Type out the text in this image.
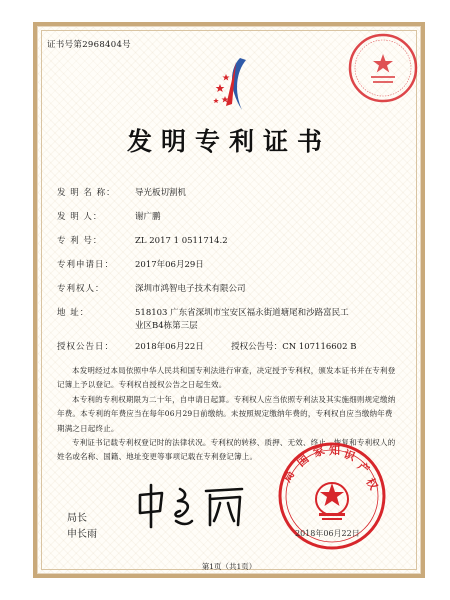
证书号第2968404号
发明专利证书
发 明 名 称： 导光板切割机
发 明 人：	谢广鹏
专 利 号：	ZL 2017 1 0511714.2
专利申请日： 2017年06月29日
专利权人：	深圳市鸿智电子技术有限公司
地 址：	518103 广东省深圳市宝安区福永街道塘尾和沙路富民工
业区B4栋第三层
授权公告日： 2018年06月22日	授权公告号：CN 107116602 B

本发明经过本局依照中华人民共和国专利法进行审查，决定授予专利权，颁发本证书并在专利登记簿上予以登记。专利权自授权公告之日起生效。

本专利的专利权期限为二十年，自申请日起算。专利权人应当依照专利法及其实施细则规定缴纳年费。本专利的年费应当在每年06月29日前缴纳。未按照规定缴纳年费的，专利权自应当缴纳年费期满之日起终止。

专利证书记载专利权登记时的法律状况。专利权的转移、质押、无效、终止、恢复和专利权人的姓名或名称、国籍、地址变更等事项记载在专利登记簿上。

局长
申长雨
国
家 知 识
产
权
局
2018年06月22日
第1页（共1页）
